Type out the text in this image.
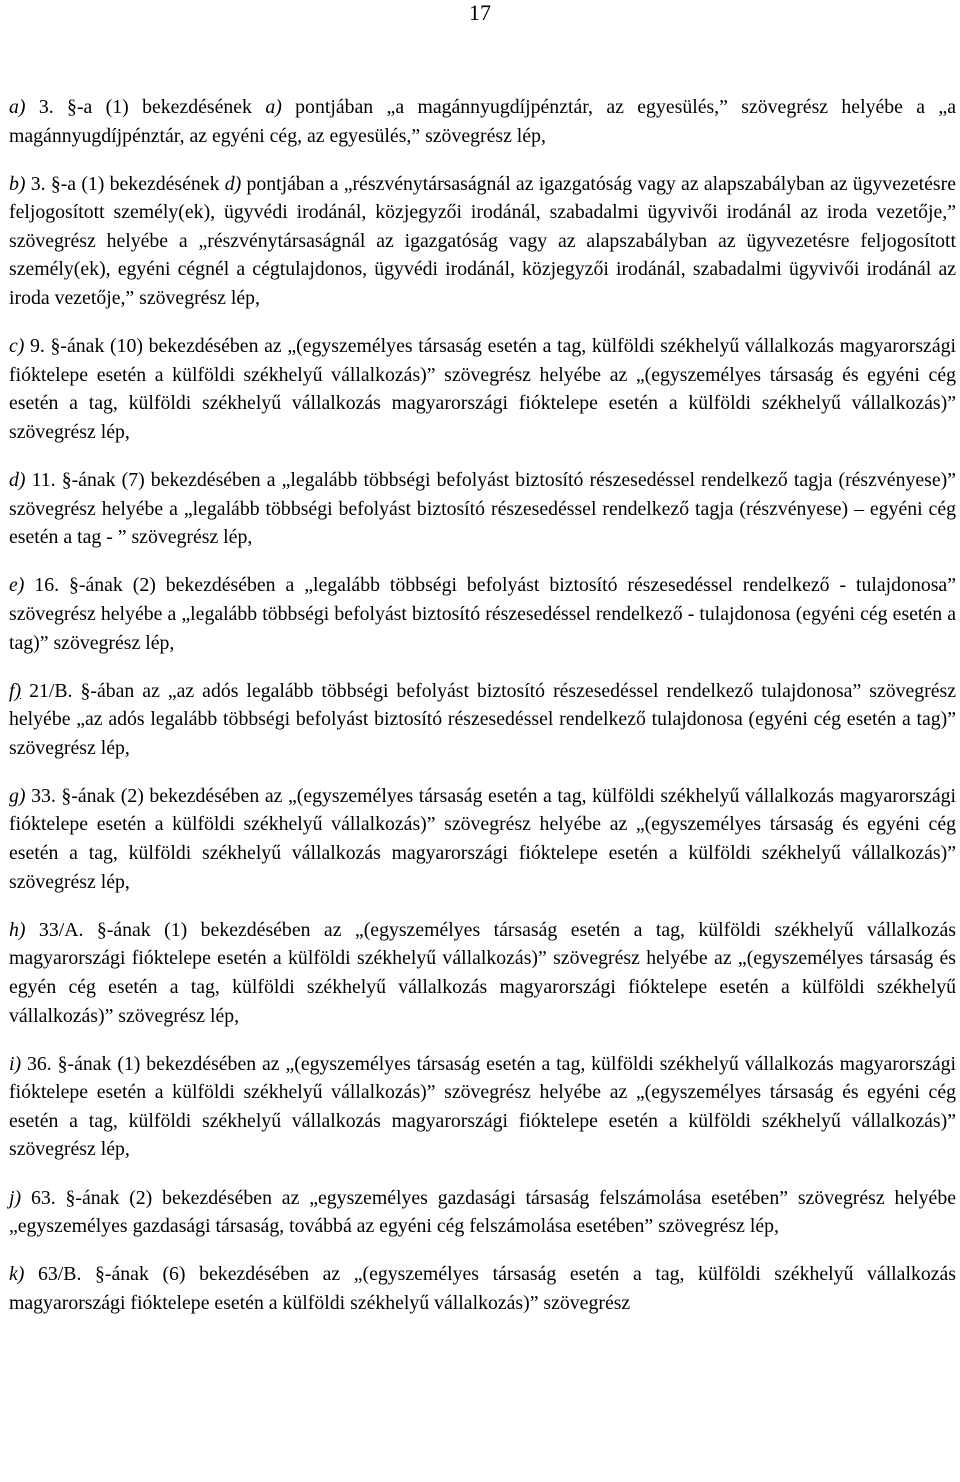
17

a) 3. §-a (1) bekezdésének a) pontjában „a magánnyugdíjpénztár, az egyesülés,” szövegrész helyébe a „a magánnyugdíjpénztár, az egyéni cég, az egyesülés,” szövegrész lép,

b) 3. §-a (1) bekezdésének d) pontjában a „részvénytársaságnál az igazgatóság vagy az alapszabályban az ügyvezetésre feljogosított személy(ek), ügyvédi irodánál, közjegyzői irodánál, szabadalmi ügyvivői irodánál az iroda vezetője,” szövegrész helyébe a „részvénytársaságnál az igazgatóság vagy az alapszabályban az ügyvezetésre feljogosított személy(ek), egyéni cégnél a cégtulajdonos, ügyvédi irodánál, közjegyzői irodánál, szabadalmi ügyvivői irodánál az iroda vezetője,” szövegrész lép,

c) 9. §-ának (10) bekezdésében az „(egyszemélyes társaság esetén a tag, külföldi székhelyű vállalkozás magyarországi fióktelepe esetén a külföldi székhelyű vállalkozás)” szövegrész helyébe az „(egyszemélyes társaság és egyéni cég esetén a tag, külföldi székhelyű vállalkozás magyarországi fióktelepe esetén a külföldi székhelyű vállalkozás)” szövegrész lép,

d) 11. §-ának (7) bekezdésében a „legalább többségi befolyást biztosító részesedéssel rendelkező tagja (részvényese)” szövegrész helyébe a „legalább többségi befolyást biztosító részesedéssel rendelkező tagja (részvényese) – egyéni cég esetén a tag - ” szövegrész lép,

e) 16. §-ának (2) bekezdésében a „legalább többségi befolyást biztosító részesedéssel rendelkező - tulajdonosa” szövegrész helyébe a „legalább többségi befolyást biztosító részesedéssel rendelkező - tulajdonosa (egyéni cég esetén a tag)” szövegrész lép,

f) 21/B. §-ában az „az adós legalább többségi befolyást biztosító részesedéssel rendelkező tulajdonosa” szövegrész helyébe „az adós legalább többségi befolyást biztosító részesedéssel rendelkező tulajdonosa (egyéni cég esetén a tag)” szövegrész lép,

g) 33. §-ának (2) bekezdésében az „(egyszemélyes társaság esetén a tag, külföldi székhelyű vállalkozás magyarországi fióktelepe esetén a külföldi székhelyű vállalkozás)” szövegrész helyébe az „(egyszemélyes társaság és egyéni cég esetén a tag, külföldi székhelyű vállalkozás magyarországi fióktelepe esetén a külföldi székhelyű vállalkozás)” szövegrész lép,

h) 33/A. §-ának (1) bekezdésében az „(egyszemélyes társaság esetén a tag, külföldi székhelyű vállalkozás magyarországi fióktelepe esetén a külföldi székhelyű vállalkozás)” szövegrész helyébe az „(egyszemélyes társaság és egyén cég esetén a tag, külföldi székhelyű vállalkozás magyarországi fióktelepe esetén a külföldi székhelyű vállalkozás)” szövegrész lép,

i) 36. §-ának (1) bekezdésében az „(egyszemélyes társaság esetén a tag, külföldi székhelyű vállalkozás magyarországi fióktelepe esetén a külföldi székhelyű vállalkozás)” szövegrész helyébe az „(egyszemélyes társaság és egyéni cég esetén a tag, külföldi székhelyű vállalkozás magyarországi fióktelepe esetén a külföldi székhelyű vállalkozás)” szövegrész lép,

j) 63. §-ának (2) bekezdésében az „egyszemélyes gazdasági társaság felszámolása esetében” szövegrész helyébe „egyszemélyes gazdasági társaság, továbbá az egyéni cég felszámolása esetében” szövegrész lép,

k) 63/B. §-ának (6) bekezdésében az „(egyszemélyes társaság esetén a tag, külföldi székhelyű vállalkozás magyarországi fióktelepe esetén a külföldi székhelyű vállalkozás)” szövegrész
